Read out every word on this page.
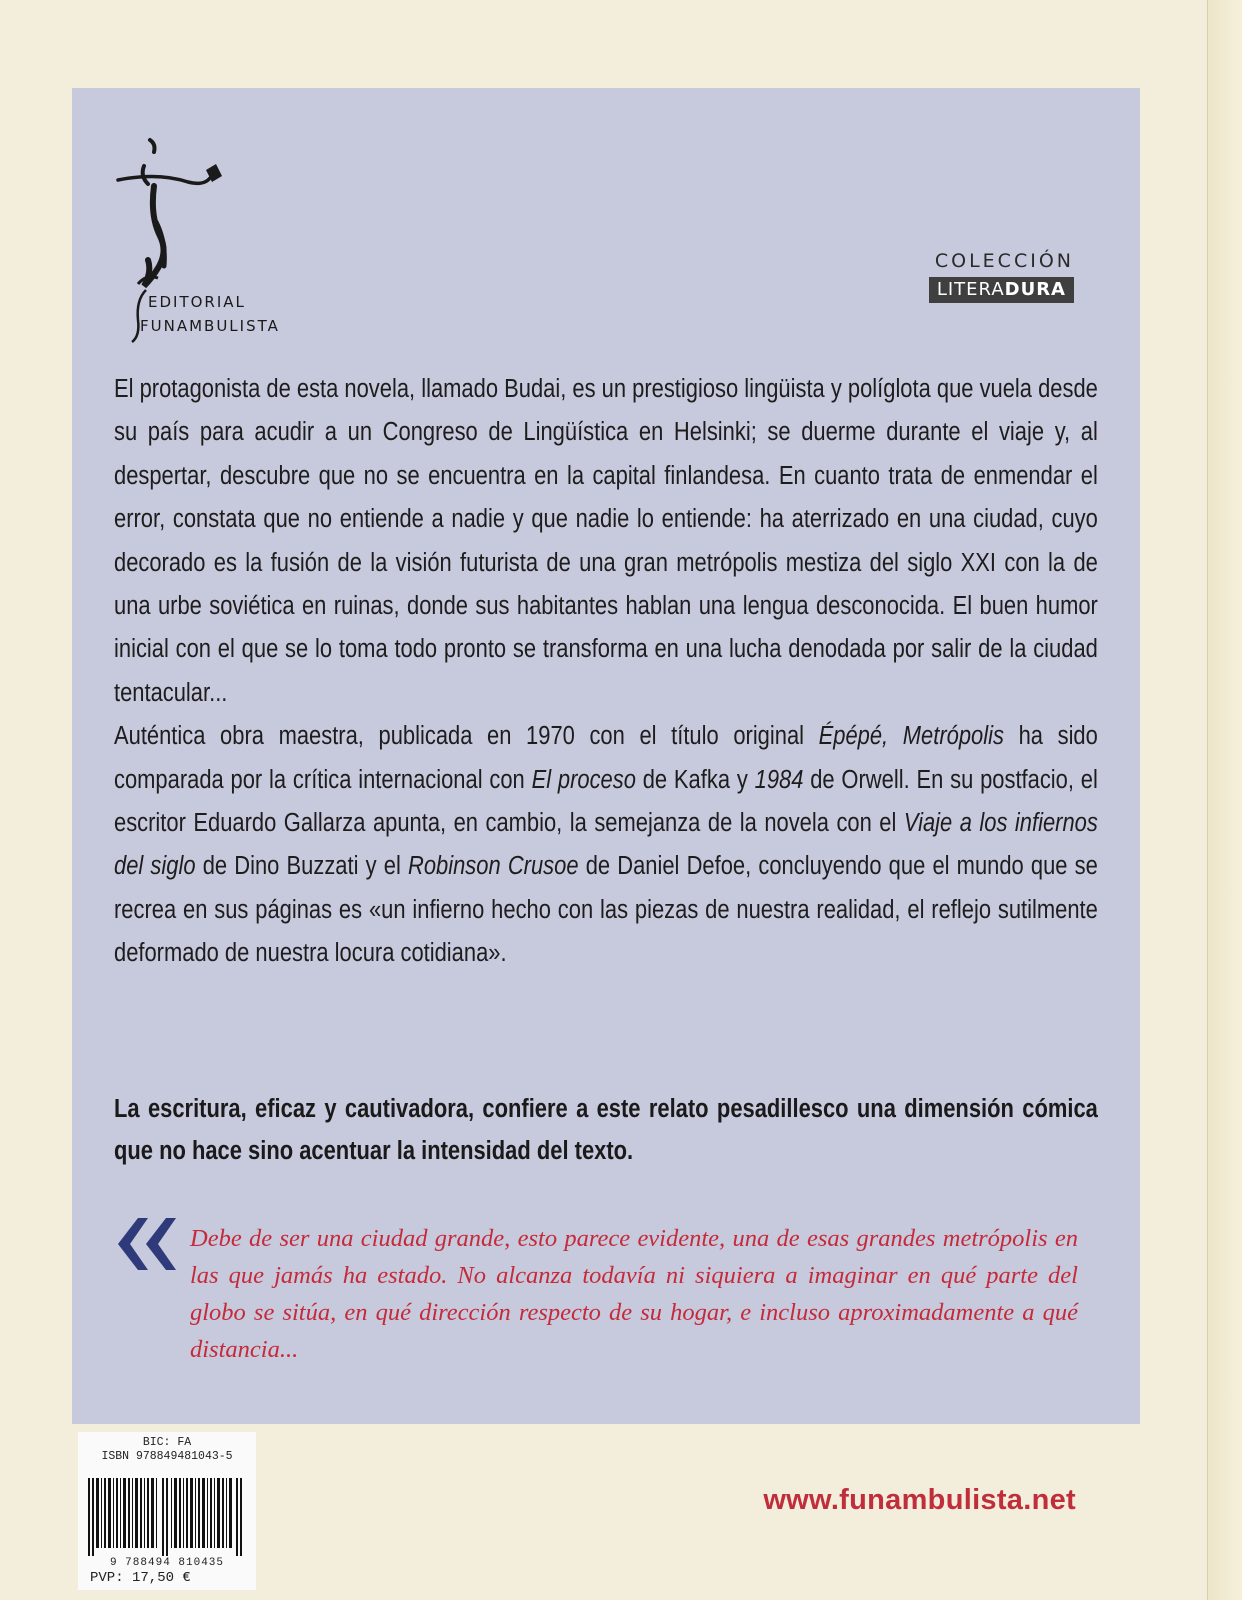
EDITORIAL
FUNAMBULISTA
COLECCIÓN
LITERADURA

El protagonista de esta novela, llamado Budai, es un prestigioso lingüista y políglota que vuela desde su país para acudir a un Congreso de Lingüística en Helsinki; se duerme durante el viaje y, al despertar, descubre que no se encuentra en la capital finlandesa. En cuanto trata de enmendar el error, constata que no entiende a nadie y que nadie lo entiende: ha aterrizado en una ciudad, cuyo decorado es la fusión de la visión futurista de una gran metrópolis mestiza del siglo XXI con la de una urbe soviética en ruinas, donde sus habitantes hablan una lengua desconocida. El buen humor inicial con el que se lo toma todo pronto se transforma en una lucha denodada por salir de la ciudad tentacular...

Auténtica obra maestra, publicada en 1970 con el título original Épépé, Metrópolis ha sido comparada por la crítica internacional con El proceso de Kafka y 1984 de Orwell. En su postfacio, el escritor Eduardo Gallarza apunta, en cambio, la semejanza de la novela con el Viaje a los infiernos del siglo de Dino Buzzati y el Robinson Crusoe de Daniel Defoe, concluyendo que el mundo que se recrea en sus páginas es «un infierno hecho con las piezas de nuestra realidad, el reflejo sutilmente deformado de nuestra locura cotidiana».

La escritura, eficaz y cautivadora, confiere a este relato pesadillesco una dimensión cómica que no hace sino acentuar la intensidad del texto.
Debe de ser una ciudad grande, esto parece evidente, una de esas grandes metrópolis en las que jamás ha estado. No alcanza todavía ni siquiera a imaginar en qué parte del globo se sitúa, en qué dirección respecto de su hogar, e incluso aproximadamente a qué distancia...
BIC: FA
ISBN 978849481043-5
9 788494 810435
PVP: 17,50 €
www.funambulista.net
